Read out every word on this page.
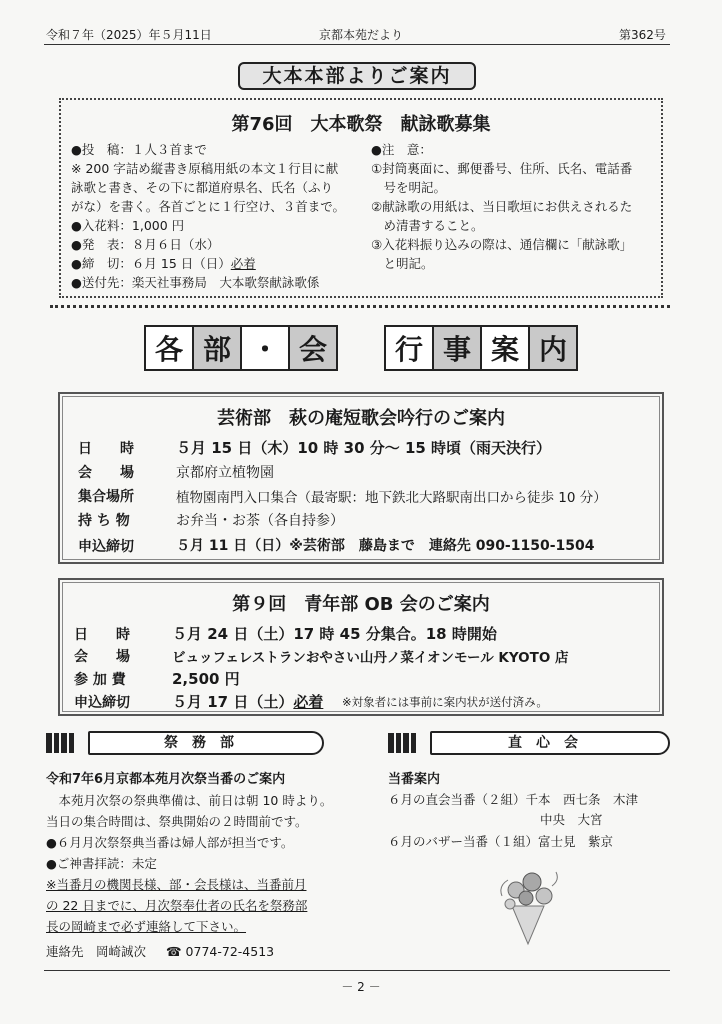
令和７年（2025）年５月11日	京都本苑だより	第362号
大本本部よりご案内
第76回　大本歌祭　献詠歌募集
●投　稿：１人３首まで
※ 200 字詰め縦書き原稿用紙の本文１行目に献
詠歌と書き、その下に都道府県名、氏名（ふり
がな）を書く。各首ごとに１行空け、３首まで。
●入花料：1,000 円
●発　表：８月６日（水）
●締　切：６月 15 日（日）必着
●送付先：楽天社事務局　大本歌祭献詠歌係
●注　意：
①封筒裏面に、郵便番号、住所、氏名、電話番
　号を明記。
②献詠歌の用紙は、当日歌垣にお供えされるた
　め清書すること。
③入花料振り込みの際は、通信欄に「献詠歌」
　と明記。
各 部 ・ 会	行 事 案 内
芸術部　萩の庵短歌会吟行のご案内
日　　時	５月 15 日（木）10 時 30 分～ 15 時頃（雨天決行）
会　　場	京都府立植物園
集合場所	植物園南門入口集合（最寄駅：地下鉄北大路駅南出口から徒歩 10 分）
持 ち 物	お弁当・お茶（各自持参）
申込締切	５月 11 日（日）※芸術部　藤島まで　連絡先 090-1150-1504
第９回　青年部 OB 会のご案内
日　　時	５月 24 日（土）17 時 45 分集合。18 時開始
会　　場	ビュッフェレストランおやさい山丹ノ菜イオンモール KYOTO 店
参 加 費	2,500 円
申込締切	５月 17 日（土）必着 ※対象者には事前に案内状が送付済み。
祭務部
令和7年6月京都本苑月次祭当番のご案内
　本苑月次祭の祭典準備は、前日は朝 10 時より。
当日の集合時間は、祭典開始の２時間前です。
●６月月次祭祭典当番は婦人部が担当です。
●ご神書拝読：未定
※当番月の機関長様、部・会長様は、当番前月
の 22 日までに、月次祭奉仕者の氏名を祭務部
長の岡崎まで必ず連絡して下さい。
連絡先　岡崎誠次 ☎ 0774-72-4513
直心会
当番案内
６月の直会当番（２組）千本　西七条　木津
中央　大宮
６月のバザー当番（１組）富士見　紫京
－ 2 －
